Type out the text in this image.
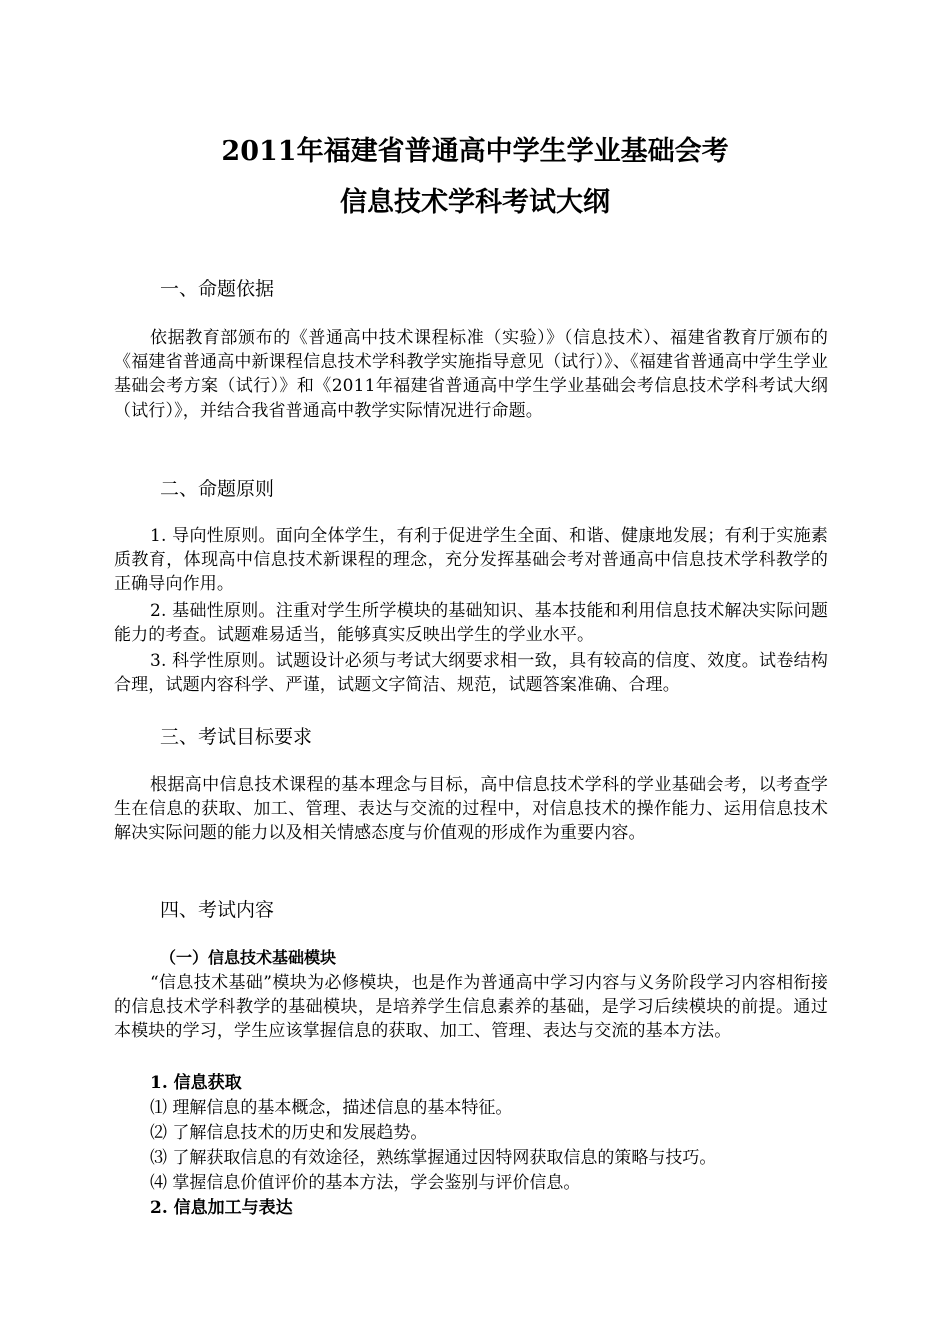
2011年福建省普通高中学生学业基础会考
信息技术学科考试大纲
一、命题依据

依据教育部颁布的《普通高中技术课程标准（实验）》（信息技术）、福建省教育厅颁布的《福建省普通高中新课程信息技术学科教学实施指导意见（试行）》、《福建省普通高中学生学业基础会考方案（试行）》和《2011年福建省普通高中学生学业基础会考信息技术学科考试大纲（试行）》，并结合我省普通高中教学实际情况进行命题。

二、命题原则

1. 导向性原则。面向全体学生，有利于促进学生全面、和谐、健康地发展；有利于实施素质教育，体现高中信息技术新课程的理念，充分发挥基础会考对普通高中信息技术学科教学的正确导向作用。

2. 基础性原则。注重对学生所学模块的基础知识、基本技能和利用信息技术解决实际问题能力的考查。试题难易适当，能够真实反映出学生的学业水平。

3. 科学性原则。试题设计必须与考试大纲要求相一致，具有较高的信度、效度。试卷结构合理，试题内容科学、严谨，试题文字简洁、规范，试题答案准确、合理。

三、考试目标要求

根据高中信息技术课程的基本理念与目标，高中信息技术学科的学业基础会考，以考查学生在信息的获取、加工、管理、表达与交流的过程中，对信息技术的操作能力、运用信息技术解决实际问题的能力以及相关情感态度与价值观的形成作为重要内容。

四、考试内容
（一）信息技术基础模块

“信息技术基础”模块为必修模块，也是作为普通高中学习内容与义务阶段学习内容相衔接的信息技术学科教学的基础模块，是培养学生信息素养的基础，是学习后续模块的前提。通过本模块的学习，学生应该掌握信息的获取、加工、管理、表达与交流的基本方法。

1. 信息获取

⑴ 理解信息的基本概念，描述信息的基本特征。

⑵ 了解信息技术的历史和发展趋势。

⑶ 了解获取信息的有效途径，熟练掌握通过因特网获取信息的策略与技巧。

⑷ 掌握信息价值评价的基本方法，学会鉴别与评价信息。

2. 信息加工与表达
